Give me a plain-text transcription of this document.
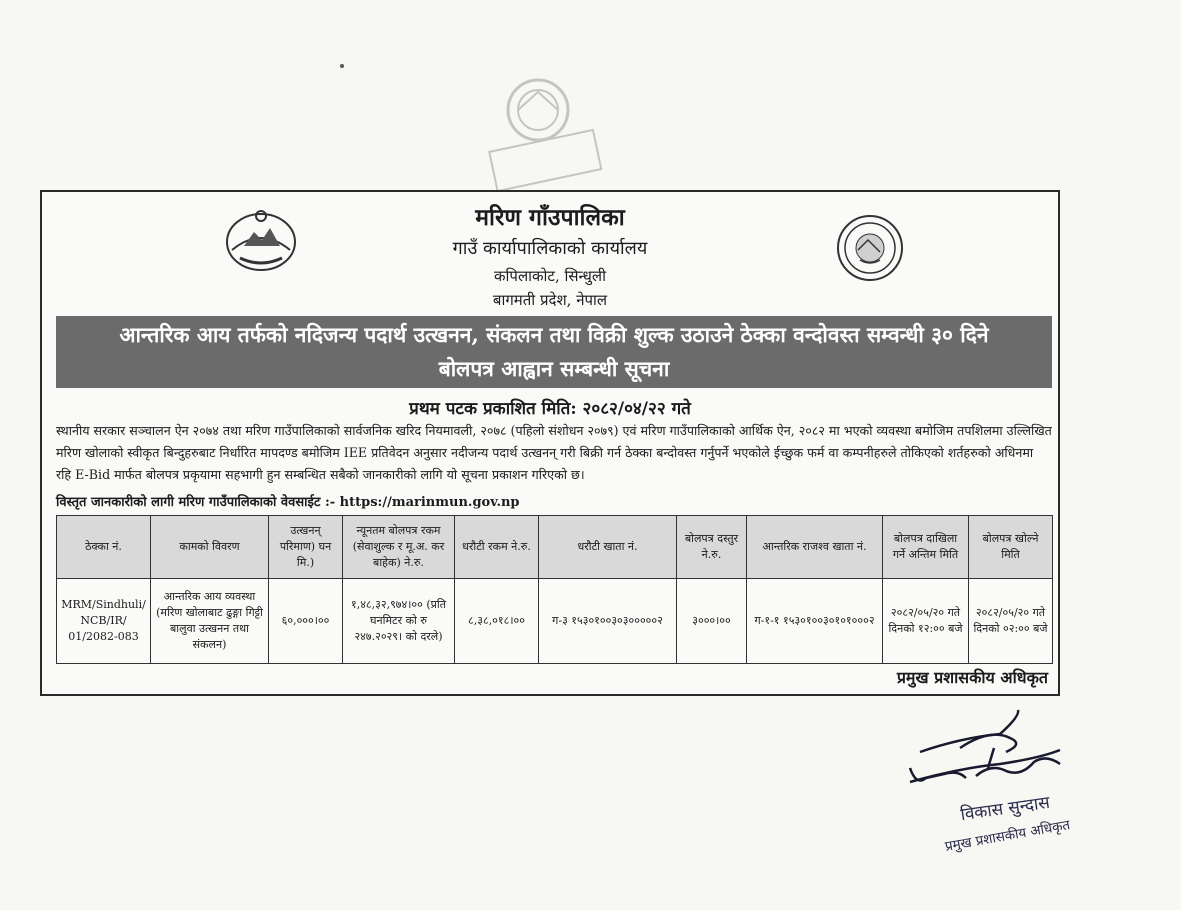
मरिण गाँउपालिका
गाउँ कार्यापालिकाको कार्यालय
कपिलाकोट, सिन्धुली
बागमती प्रदेश, नेपाल
आन्तरिक आय तर्फको नदिजन्य पदार्थ उत्खनन, संकलन तथा विक्री शुल्क उठाउने ठेक्का वन्दोवस्त सम्वन्धी ३० दिने
बोलपत्र आह्वान सम्बन्धी सूचना
प्रथम पटक प्रकाशित मिति: २०८२/०४/२२ गते
स्थानीय सरकार सञ्चालन ऐन २०७४ तथा मरिण गाउँपालिकाको सार्वजनिक खरिद नियमावली, २०७८ (पहिलो संशोधन २०७९) एवं मरिण गाउँपालिकाको आर्थिक ऐन, २०८२ मा भएको व्यवस्था बमोजिम तपशिलमा उल्लिखित मरिण खोलाको स्वीकृत बिन्दुहरुबाट निर्धारित मापदण्ड बमोजिम IEE प्रतिवेदन अनुसार नदीजन्य पदार्थ उत्खनन् गरी बिक्री गर्न ठेक्का बन्दोवस्त गर्नुपर्ने भएकोले ईच्छुक फर्म वा कम्पनीहरुले तोकिएको शर्तहरुको अधिनमा रहि E-Bid मार्फत बोलपत्र प्रकृयामा सहभागी हुन सम्बन्धित सबैको जानकारीको लागि यो सूचना प्रकाशन गरिएको छ।
विस्तृत जानकारीको लागी मरिण गाउँपालिकाको वेवसाईट :- https://marinmun.gov.np
ठेक्का नं.	कामको विवरण	उत्खनन् परिमाण) घन मि.)	न्यूनतम बोलपत्र रकम (सेवाशुल्क र मू.अ. कर बाहेक) ने.रु.	धरौटी रकम ने.रु.	धरौटी खाता नं.	बोलपत्र दस्तुर ने.रु.	आन्तरिक राजश्व खाता नं.	बोलपत्र दाखिला गर्ने अन्तिम मिति	बोलपत्र खोल्ने मिति
MRM/Sindhuli/ NCB/IR/ 01/2082-083	आन्तरिक आय व्यवस्था (मरिण खोलाबाट ढुङ्गा गिट्टी बालुवा उत्खनन तथा संकलन)	६०,०००।००	१,४८,३२,९७४।०० (प्रति घनमिटर को रु २४७.२०२९। को दरले)	८,३८,०१८।००	ग-३ १५३०१००३०३०००००२	३०००।००	ग-१-१ १५३०१००३०१०१०००२	२०८२/०५/२० गते दिनको १२:०० बजे	२०८२/०५/२० गते दिनको ०२:०० बजे
प्रमुख प्रशासकीय अधिकृत
विकास सुन्दास
प्रमुख प्रशासकीय अधिकृत
